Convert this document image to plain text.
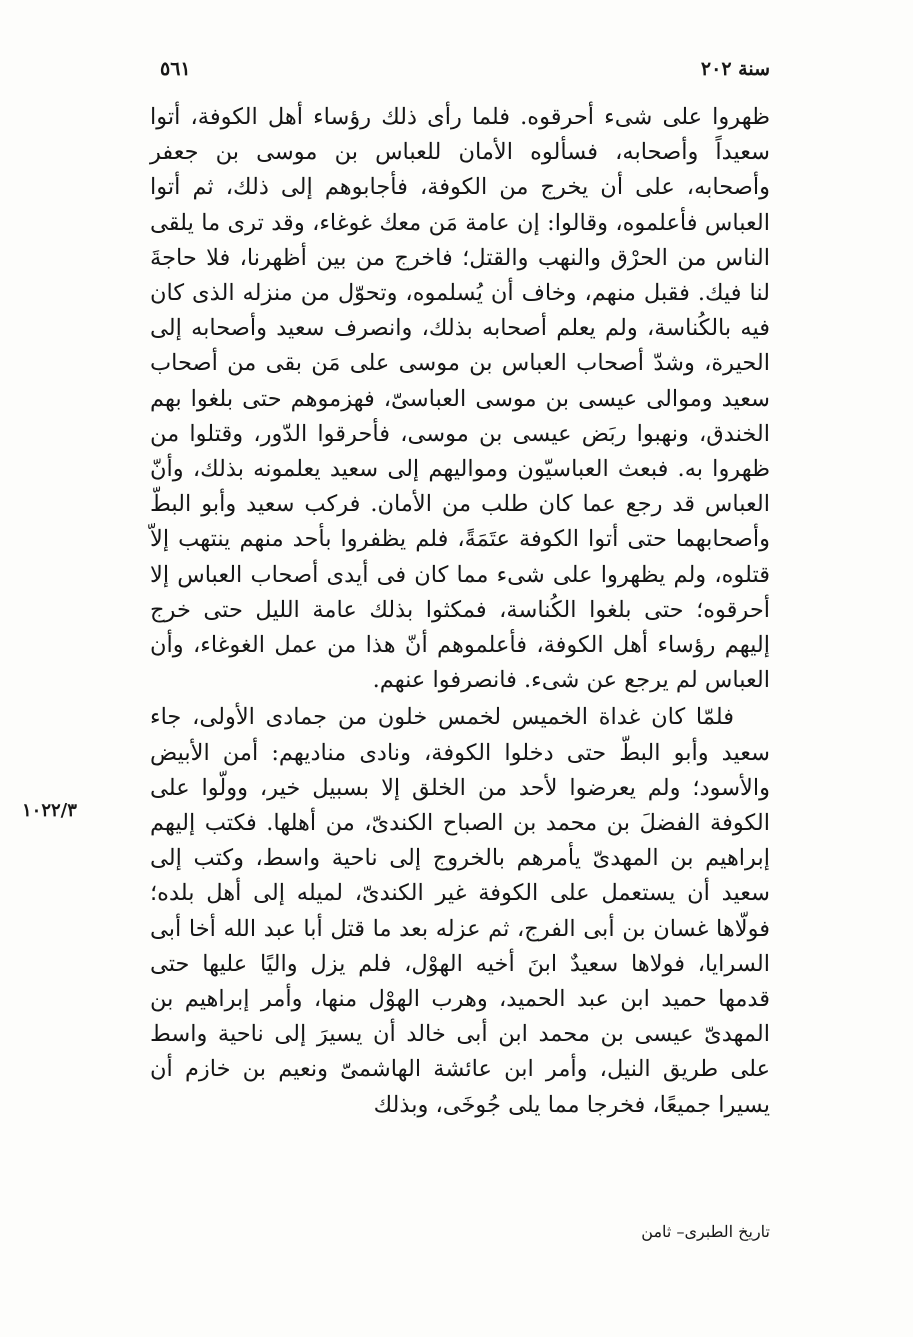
سنة ٢٠٢
٥٦١

ظهروا على شىء أحرقوه. فلما رأى ذلك رؤساء أهل الكوفة، أتوا سعيداً وأصحابه، فسألوه الأمان للعباس بن موسى بن جعفر وأصحابه، على أن يخرج من الكوفة، فأجابوهم إلى ذلك، ثم أتوا العباس فأعلموه، وقالوا: إن عامة مَن معك غوغاء، وقد ترى ما يلقى الناس من الحرْق والنهب والقتل؛ فاخرج من بين أظهرنا، فلا حاجةَ لنا فيك. فقبل منهم، وخاف أن يُسلموه، وتحوّل من منزله الذى كان فيه بالكُناسة، ولم يعلم أصحابه بذلك، وانصرف سعيد وأصحابه إلى الحيرة، وشدّ أصحاب العباس بن موسى على مَن بقى من أصحاب سعيد وموالى عيسى بن موسى العباسىّ، فهزموهم حتى بلغوا بهم الخندق، ونهبوا ربَض عيسى بن موسى، فأحرقوا الدّور، وقتلوا من ظهروا به. فبعث العباسيّون ومواليهم إلى سعيد يعلمونه بذلك، وأنّ العباس قد رجع عما كان طلب من الأمان. فركب سعيد وأبو البطّ وأصحابهما حتى أتوا الكوفة عتَمَةً، فلم يظفروا بأحد منهم ينتهب إلاّ قتلوه، ولم يظهروا على شىء مما كان فى أيدى أصحاب العباس إلا أحرقوه؛ حتى بلغوا الكُناسة، فمكثوا بذلك عامة الليل حتى خرج إليهم رؤساء أهل الكوفة، فأعلموهم أنّ هذا من عمل الغوغاء، وأن العباس لم يرجع عن شىء. فانصرفوا عنهم.

فلمّا كان غداة الخميس لخمس خلون من جمادى الأولى، جاء سعيد وأبو البطّ حتى دخلوا الكوفة، ونادى مناديهم: أمن الأبيض والأسود؛ ولم يعرضوا لأحد من الخلق إلا بسبيل خير، وولّوا على الكوفة الفضلَ بن محمد بن الصباح الكندىّ، من أهلها. فكتب إليهم إبراهيم بن المهدىّ يأمرهم بالخروج إلى ناحية واسط، وكتب إلى سعيد أن يستعمل على الكوفة غير الكندىّ، لميله إلى أهل بلده؛ فولّاها غسان بن أبى الفرج، ثم عزله بعد ما قتل أبا عبد الله أخا أبى السرايا، فولاها سعيدٌ ابنَ أخيه الهوْل، فلم يزل واليًا عليها حتى قدمها حميد ابن عبد الحميد، وهرب الهوْل منها، وأمر إبراهيم بن المهدىّ عيسى بن محمد ابن أبى خالد أن يسيرَ إلى ناحية واسط على طريق النيل، وأمر ابن عائشة الهاشمىّ ونعيم بن خازم أن يسيرا جميعًا، فخرجا مما يلى جُوخَى، وبذلك

١٠٢٢/٣
تاريخ الطبرى– ثامن
